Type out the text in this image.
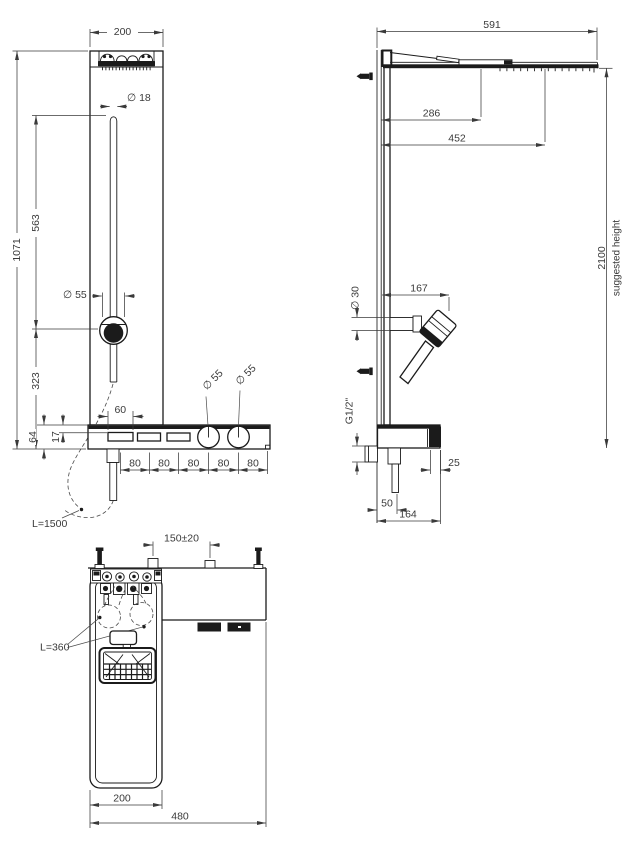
200
∅ 18
1071
563
323
∅ 55
60
64 17
80 80 80 80 80
∅ 55 ∅ 55
L=1500
∅ 30	167
G1/2"
25
50
164
591
286
452
2100 suggested height
150±20
L=360
200
480
